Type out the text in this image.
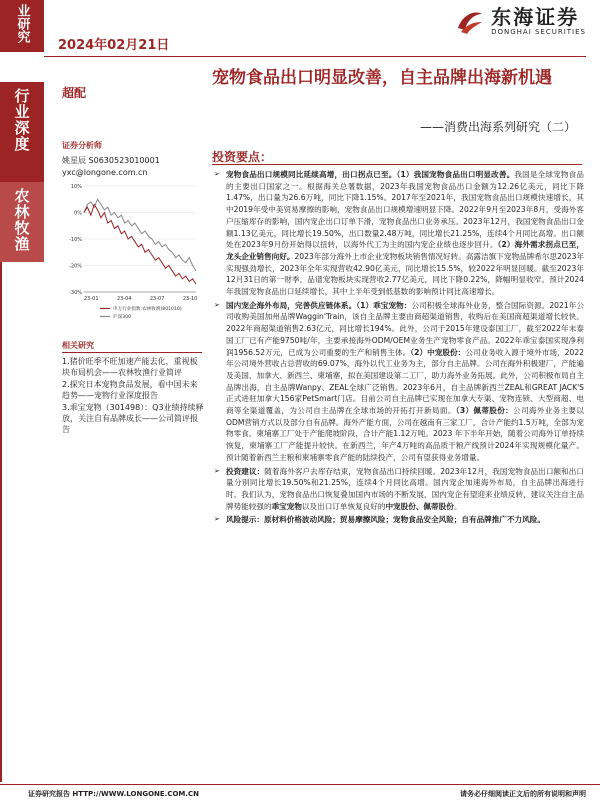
业研究
行业深度
农林牧渔
2024年02月21日
东海证券
DONGHAI SECURITIES
超配
宠物食品出口明显改善，自主品牌出海新机遇
——消费出海系列研究（二）
证券分析师
姚星辰 S0630523010001
yxc@longone.com.cn
10%
0%
-10%
-20%
-30%
23-01	23-04	23-07	23-10
申万行业指数:农林牧渔(801010)
沪深300
相关研究
1.猪价旺季不旺加速产能去化，重视板块布局机会——农林牧渔行业简评
2.探究日本宠物食品发展，看中国未来趋势——宠物行业深度报告
3.乖宝宠物（301498）：Q3业绩持续释放，关注自有品牌成长——公司简评报告
投资要点：
➢ 宠物食品出口规模同比延续高增，出口拐点已至。（1）我国宠物食品出口明显改善。我国是全球宠物食品的主要出口国家之一。根据海关总署数据，2023年我国宠物食品出口金额为12.26亿美元，同比下降1.47%，出口量为26.6万吨，同比下降1.15%。2017年至2021年，我国宠物食品出口规模快速增长，其中2019年受中美贸易摩擦的影响，宠物食品出口规模增速明显下降。2022年9月至2023年8月，受海外客户压缩库存的影响，国内宠企出口订单下滑，宠物食品出口业务承压。2023年12月，我国宠物食品出口金额1.13亿美元，同比增长19.50%，出口数量2.48万吨，同比增长21.25%，连续4个月同比高增。出口额处在2023年9月份开始得以扭转，以海外代工为主的国内宠企业绩也逐步回升。（2）海外需求拐点已至，龙头企业销售向好。2023年部分海外上市企业宠物板块销售情况好转。高露洁旗下宠物品牌希尔思2023年实现强劲增长，2023年全年实现营收42.90亿美元，同比增长15.5%，较2022年明显回暖。截至2023年12月31日的第一财季，品谱宠物板块实现营收2.77亿美元，同比下降0.22%，降幅明显收窄。预计2024年我国宠物食品出口延续增长，其中上半年受到低基数的影响预计同比高速增长。
➢ 国内宠企海外布局，完善供应链体系。（1）乖宝宠物：公司积极全球海外业务，整合国际资源。2021年公司收购美国加州品牌Waggin'Train，该自主品牌主要由商超渠道销售，收购后在美国商超渠道增长较快。2022年商超渠道销售2.63亿元，同比增长194%。此外，公司于2015年建设泰国工厂，截至2022年末泰国工厂已有产能9750吨/年，主要承接海外ODM/OEM业务生产宠物零食产品。2022年乖宝泰国实现净利润1956.52万元，已成为公司重要的生产和销售主体。（2）中宠股份：公司业务收入源于境外市场，2022年公司境外营收占总营收的69.07%，海外以代工业务为主，部分自主品牌。公司在海外积极建厂，产能遍及美国、加拿大、新西兰、柬埔寨，拟在美国建设第二工厂，助力海外业务拓展。此外，公司积极布局自主品牌出海，自主品牌Wanpy、ZEAL全球广泛销售。2023年6月，自主品牌新西兰ZEAL和GREAT JACK'S正式进驻加拿大156家PetSmart门店。目前公司自主品牌已实现在加拿大专渠、宠物连锁、大型商超、电商等全渠道覆盖，为公司自主品牌在全球市场的开拓打开新局面。（3）佩蒂股份：公司海外业务主要以ODM营销方式以及部分自有品牌。海外产能方面，公司在越南有三家工厂，合计产能约1.5万吨，全部为宠物零食。柬埔寨工厂处于产能爬坡阶段，合计产能1.12万吨。2023 年下半年开始，随着公司海外订单持续恢复，柬埔寨工厂产能提升较快。在新西兰，年产4万吨的高品质干粮产线预计2024年实现规模化量产。预计随着新西兰主粮和柬埔寨零食产能的陆续投产，公司有望获得业务增量。
➢ 投资建议：随着海外客户去库存结束，宠物食品出口持续回暖。2023年12月，我国宠物食品出口额和出口量分别同比增长19.50%和21.25%，连续4个月同比高增。国内宠企加速海外布局，自主品牌出海进行时。我们认为，宠物食品出口恢复叠加国内市场的不断发展，国内宠企有望迎来业绩反转，建议关注自主品牌势能较强的乖宝宠物以及出口订单恢复良好的中宠股份、佩蒂股份。
➢ 风险提示：原材料价格波动风险；贸易摩擦风险；宠物食品安全风险；自有品牌推广不力风险。
证券研究报告 HTTP://WWW.LONGONE.COM.CN	请务必仔细阅读正文后的所有说明和声明
